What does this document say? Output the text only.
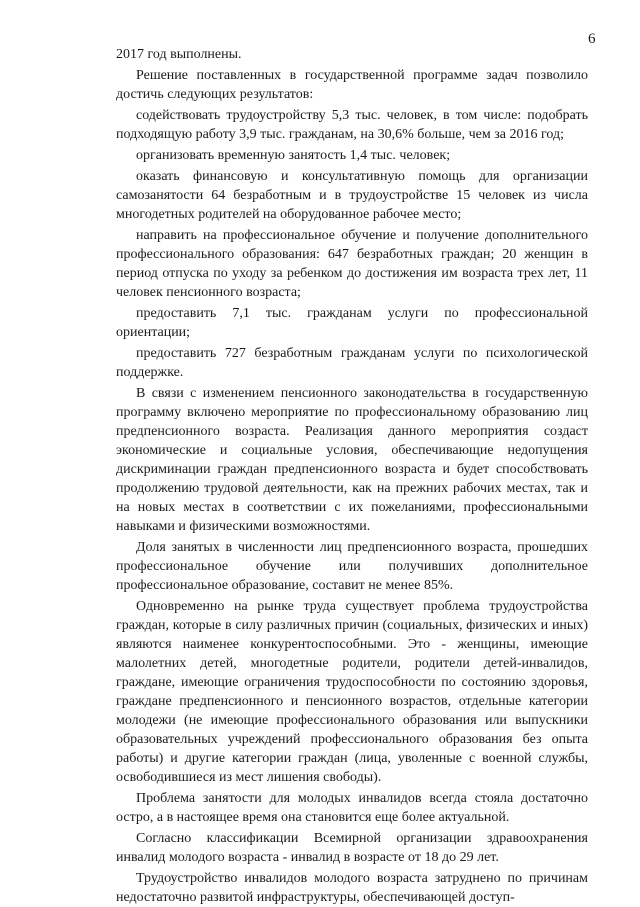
6

2017 год выполнены.

Решение поставленных в государственной программе задач позволило достичь следующих результатов:

содействовать трудоустройству 5,3 тыс. человек, в том числе: подобрать подходящую работу 3,9 тыс. гражданам, на 30,6% больше, чем за 2016 год;

организовать временную занятость 1,4 тыс. человек;

оказать финансовую и консультативную помощь для организации самозанятости 64 безработным и в трудоустройстве 15 человек из числа многодетных родителей на оборудованное рабочее место;

направить на профессиональное обучение и получение дополнительного профессионального образования: 647 безработных граждан; 20 женщин в период отпуска по уходу за ребенком до достижения им возраста трех лет, 11 человек пенсионного возраста;

предоставить 7,1 тыс. гражданам услуги по профессиональной ориентации;

предоставить 727 безработным гражданам услуги по психологической поддержке.

В связи с изменением пенсионного законодательства в государственную программу включено мероприятие по профессиональному образованию лиц предпенсионного возраста. Реализация данного мероприятия создаст экономические и социальные условия, обеспечивающие недопущения дискриминации граждан предпенсионного возраста и будет способствовать продолжению трудовой деятельности, как на прежних рабочих местах, так и на новых местах в соответствии с их пожеланиями, профессиональными навыками и физическими возможностями.

Доля занятых в численности лиц предпенсионного возраста, прошедших профессиональное обучение или получивших дополнительное профессиональное образование, составит не менее 85%.

Одновременно на рынке труда существует проблема трудоустройства граждан, которые в силу различных причин (социальных, физических и иных) являются наименее конкурентоспособными. Это - женщины, имеющие малолетних детей, многодетные родители, родители детей-инвалидов, граждане, имеющие ограничения трудоспособности по состоянию здоровья, граждане предпенсионного и пенсионного возрастов, отдельные категории молодежи (не имеющие профессионального образования или выпускники образовательных учреждений профессионального образования без опыта работы) и другие категории граждан (лица, уволенные с военной службы, освободившиеся из мест лишения свободы).

Проблема занятости для молодых инвалидов всегда стояла достаточно остро, а в настоящее время она становится еще более актуальной.

Согласно классификации Всемирной организации здравоохранения инвалид молодого возраста - инвалид в возрасте от 18 до 29 лет.

Трудоустройство инвалидов молодого возраста затруднено по причинам недостаточно развитой инфраструктуры, обеспечивающей доступ-
